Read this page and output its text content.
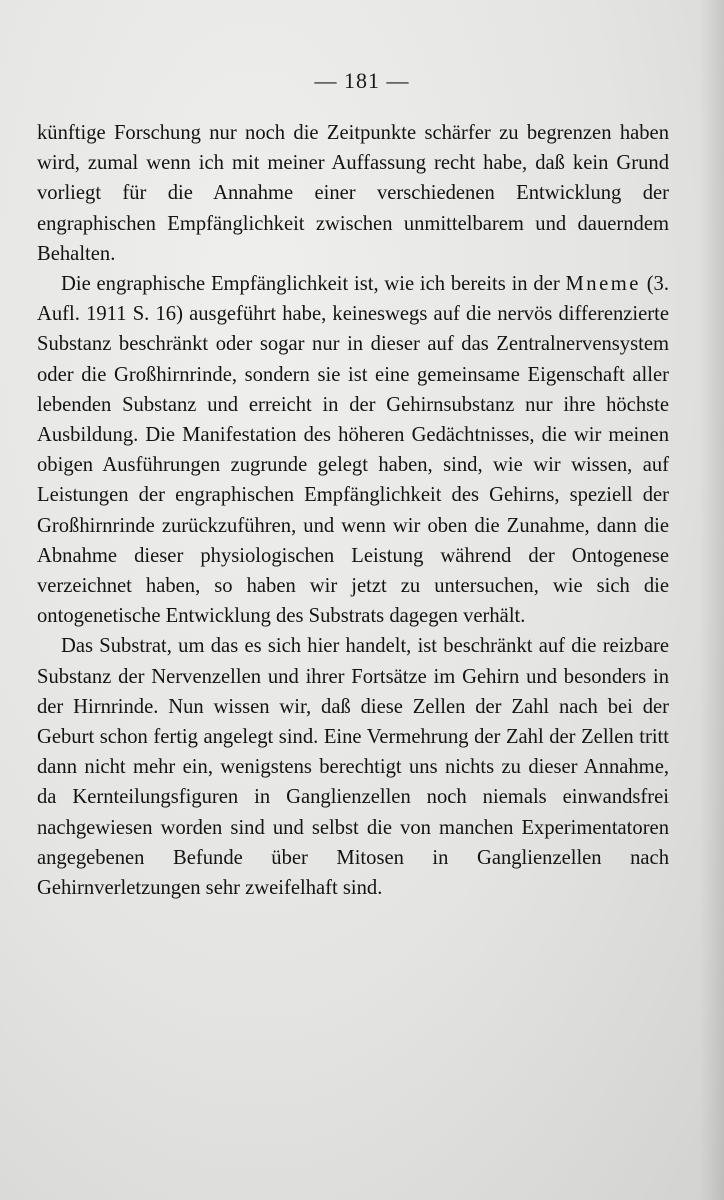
— 181 —

künftige Forschung nur noch die Zeitpunkte schärfer zu begrenzen haben wird, zumal wenn ich mit meiner Auffassung recht habe, daß kein Grund vorliegt für die Annahme einer verschiedenen Entwicklung der engraphischen Empfänglichkeit zwischen unmittelbarem und dauerndem Behalten.

Die engraphische Empfänglichkeit ist, wie ich bereits in der Mneme (3. Aufl. 1911 S. 16) ausgeführt habe, keineswegs auf die nervös differenzierte Substanz beschränkt oder sogar nur in dieser auf das Zentralnervensystem oder die Großhirnrinde, sondern sie ist eine gemeinsame Eigenschaft aller lebenden Substanz und erreicht in der Gehirnsubstanz nur ihre höchste Ausbildung. Die Manifestation des höheren Gedächtnisses, die wir meinen obigen Ausführungen zugrunde gelegt haben, sind, wie wir wissen, auf Leistungen der engraphischen Empfänglichkeit des Gehirns, speziell der Großhirnrinde zurückzuführen, und wenn wir oben die Zunahme, dann die Abnahme dieser physiologischen Leistung während der Ontogenese verzeichnet haben, so haben wir jetzt zu untersuchen, wie sich die ontogenetische Entwicklung des Substrats dagegen verhält.

Das Substrat, um das es sich hier handelt, ist beschränkt auf die reizbare Substanz der Nervenzellen und ihrer Fortsätze im Gehirn und besonders in der Hirnrinde. Nun wissen wir, daß diese Zellen der Zahl nach bei der Geburt schon fertig angelegt sind. Eine Vermehrung der Zahl der Zellen tritt dann nicht mehr ein, wenigstens berechtigt uns nichts zu dieser Annahme, da Kernteilungsfiguren in Ganglienzellen noch niemals einwandsfrei nachgewiesen worden sind und selbst die von manchen Experimentatoren angegebenen Befunde über Mitosen in Ganglienzellen nach Gehirnverletzungen sehr zweifelhaft sind.
